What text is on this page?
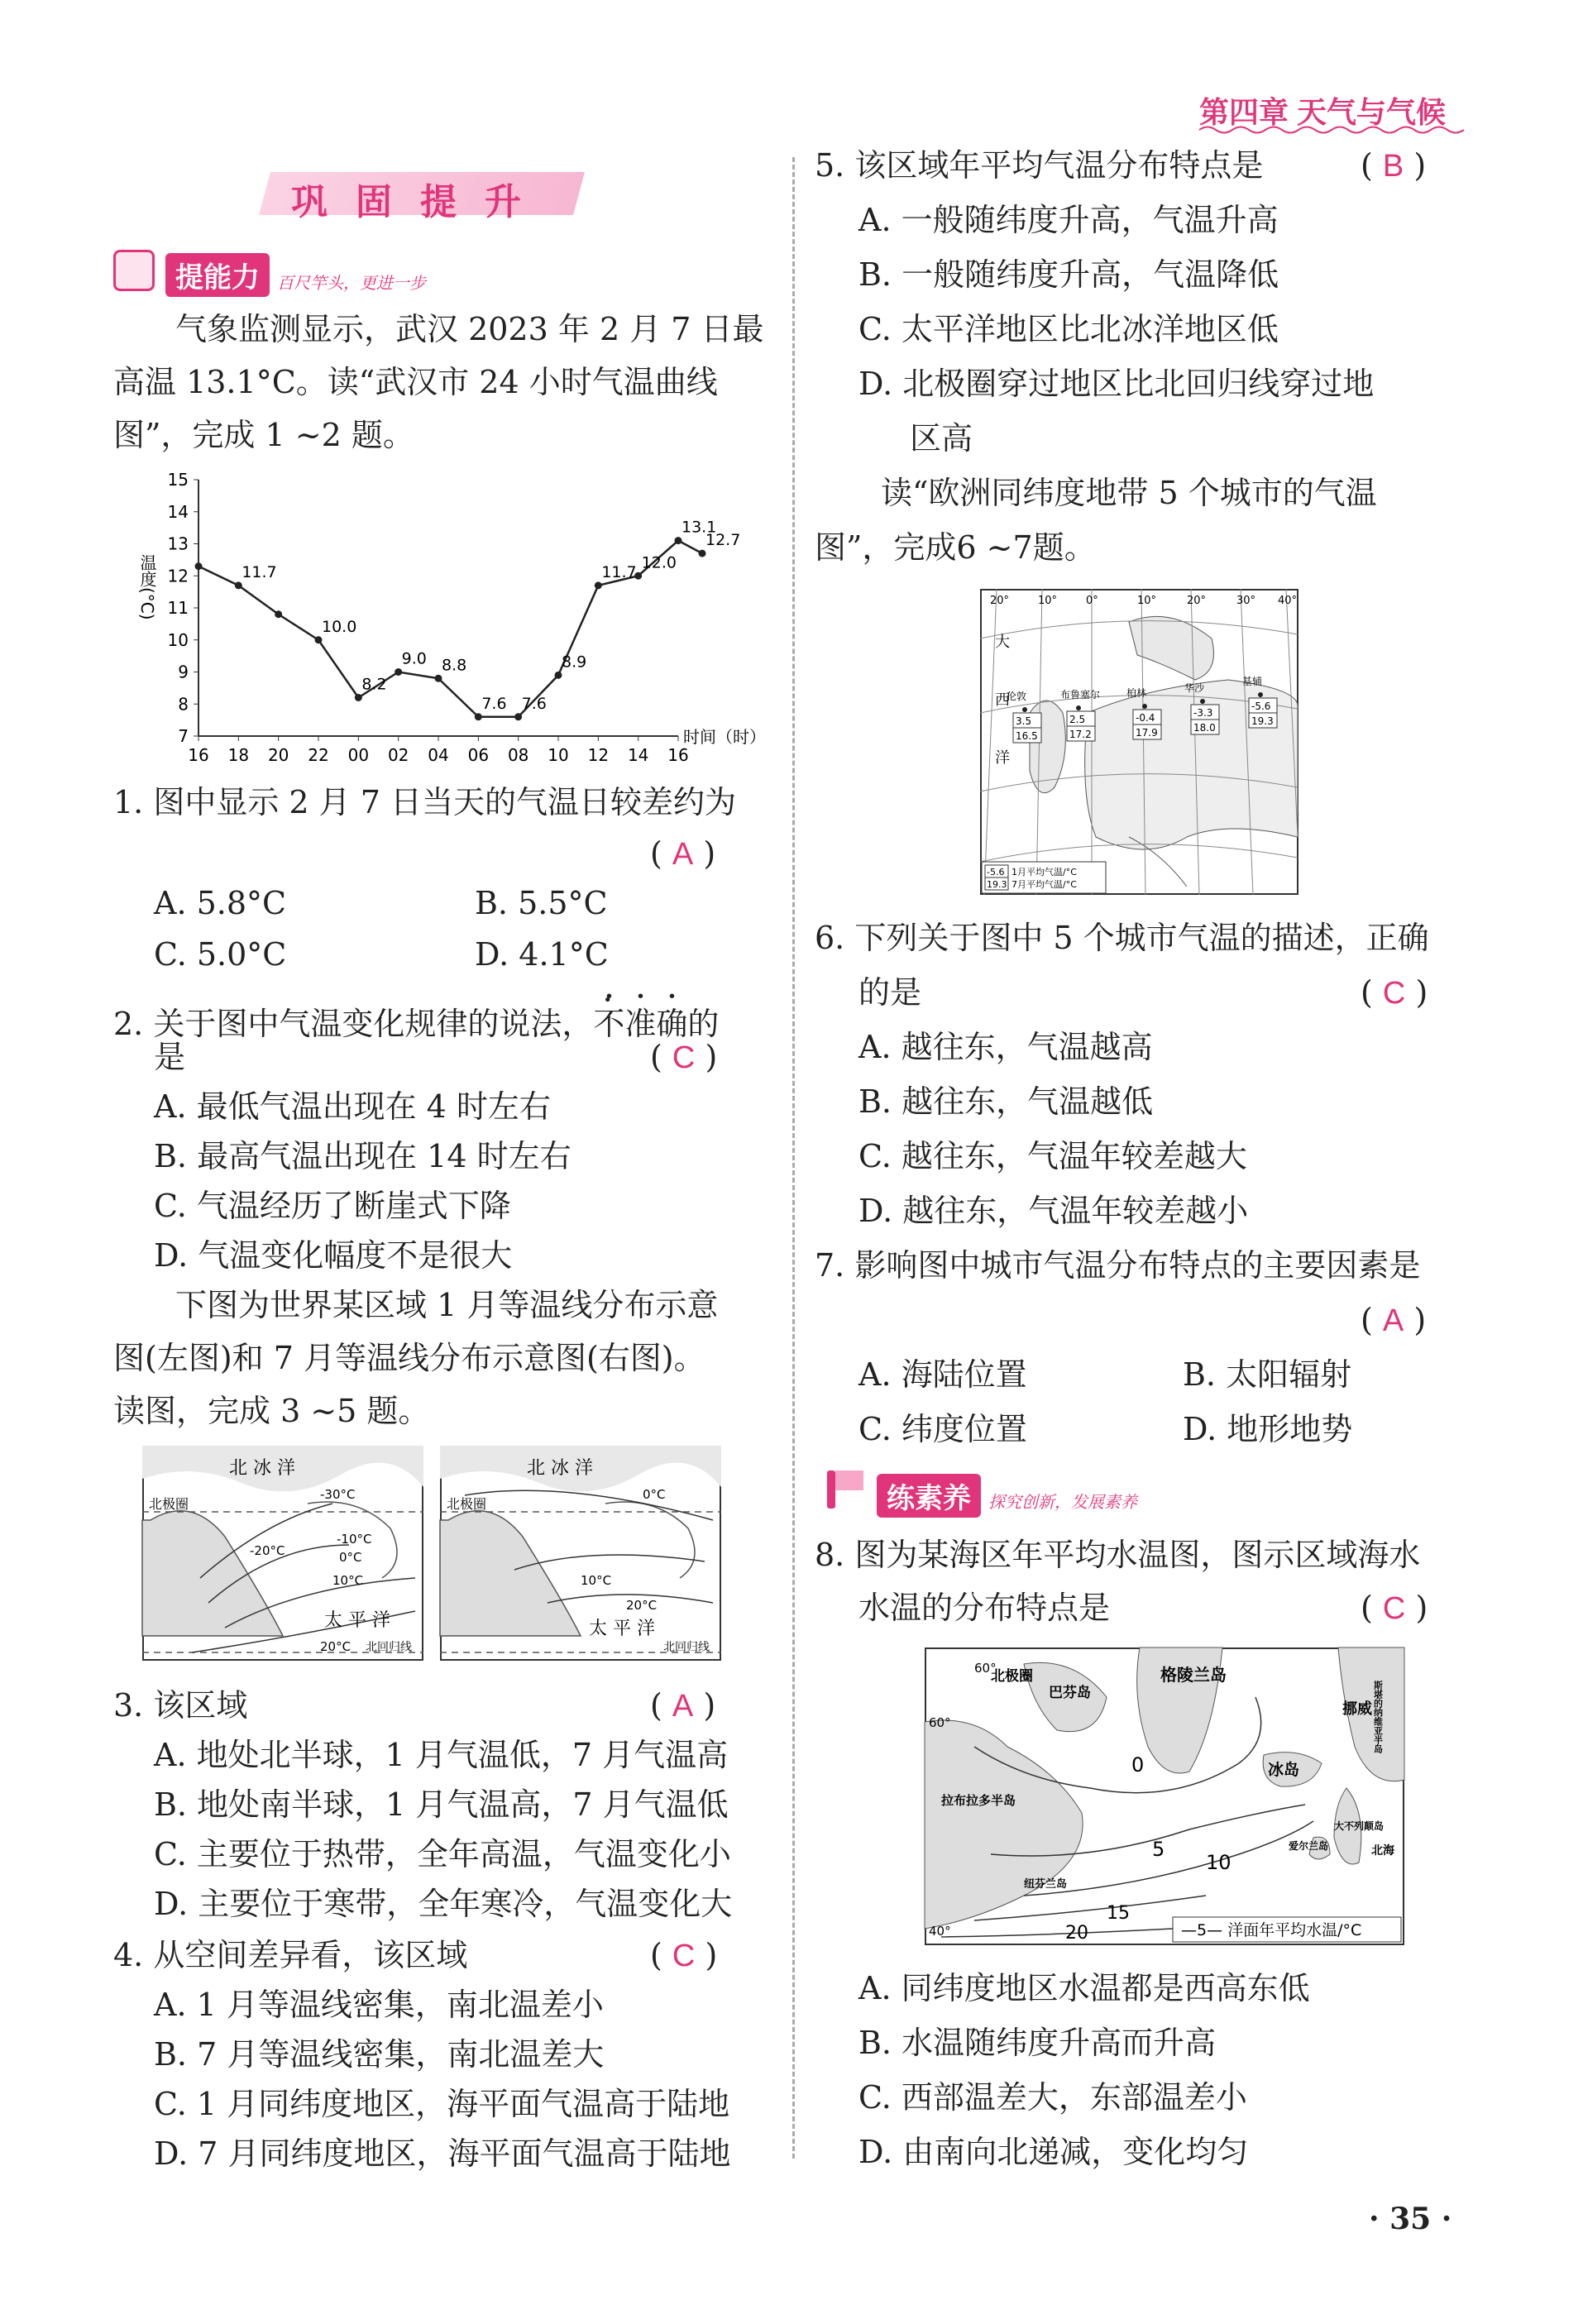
第四章 天气与气候
巩固提升
提能力	百尺竿头，更进一步
气象监测显示，武汉 2023 年 2 月 7 日最
高温 13.1°C。读“武汉市 24 小时气温曲线
图”，完成 1 ~2 题。
15
14
13
12
11
10
9
8
7
16 18 20 22 00 02 04 06 08 10 12 14 16
时间（时）
温度(°C)	11.7
10.0
8.2
9.0 8.8
7.6 7.6
8.9
11.7
12.0
13.1
12.7
1. 图中显示 2 月 7 日当天的气温日较差约为
( A )
A. 5.8°C	B. 5.5°C
C. 5.0°C	D. 4.1°C
2. 关于图中气温变化规律的说法，不准确的
是	( C )
A. 最低气温出现在 4 时左右
B. 最高气温出现在 14 时左右
C. 气温经历了断崖式下降
D. 气温变化幅度不是很大
下图为世界某区域 1 月等温线分布示意
图(左图)和 7 月等温线分布示意图(右图)。
读图，完成 3 ~5 题。
北 冰 洋
北极圈
-30°C
-20°C
-10°C
0°C
10°C
太 平 洋
20°C 北回归线
北 冰 洋
北极圈
0°C
10°C
20°C
太 平 洋
北回归线
3. 该区域	( A )
A. 地处北半球，1 月气温低，7 月气温高
B. 地处南半球，1 月气温高，7 月气温低
C. 主要位于热带，全年高温，气温变化小
D. 主要位于寒带，全年寒冷，气温变化大
4. 从空间差异看，该区域	( C )
A. 1 月等温线密集，南北温差小
B. 7 月等温线密集，南北温差大
C. 1 月同纬度地区，海平面气温高于陆地
D. 7 月同纬度地区，海平面气温高于陆地
5. 该区域年平均气温分布特点是	( B )
A. 一般随纬度升高，气温升高
B. 一般随纬度升高，气温降低
C. 太平洋地区比北冰洋地区低
D. 北极圈穿过地区比北回归线穿过地
区高
读“欧洲同纬度地带 5 个城市的气温
图”，完成6 ~7题。
20°	10°	0°	10°	20°	30° 40°
大
西
洋
伦敦
3.5
16.5
布鲁塞尔
2.5
17.2
柏林
-0.4
17.9
华沙
-3.3
18.0
基辅
-5.6
19.3
-5.6
19.3
1月平均气温/°C
7月平均气温/°C
6. 下列关于图中 5 个城市气温的描述，正确
的是	( C )
A. 越往东，气温越高
B. 越往东，气温越低
C. 越往东，气温年较差越大
D. 越往东，气温年较差越小
7. 影响图中城市气温分布特点的主要因素是
( A )
A. 海陆位置	B. 太阳辐射
C. 纬度位置	D. 地形地势
练素养	探究创新，发展素养
8. 图为某海区年平均水温图，图示区域海水
水温的分布特点是	( C )
60°
60°
40°
北极圈
巴芬岛
格陵兰岛
冰岛
挪威 斯堪的纳维亚半岛
拉布拉多半岛
大不列颠岛
爱尔兰岛	北海
纽芬兰岛
0
5
10
15
20	—5— 洋面年平均水温/°C
A. 同纬度地区水温都是西高东低
B. 水温随纬度升高而升高
C. 西部温差大，东部温差小
D. 由南向北递减，变化均匀
· 35 ·
